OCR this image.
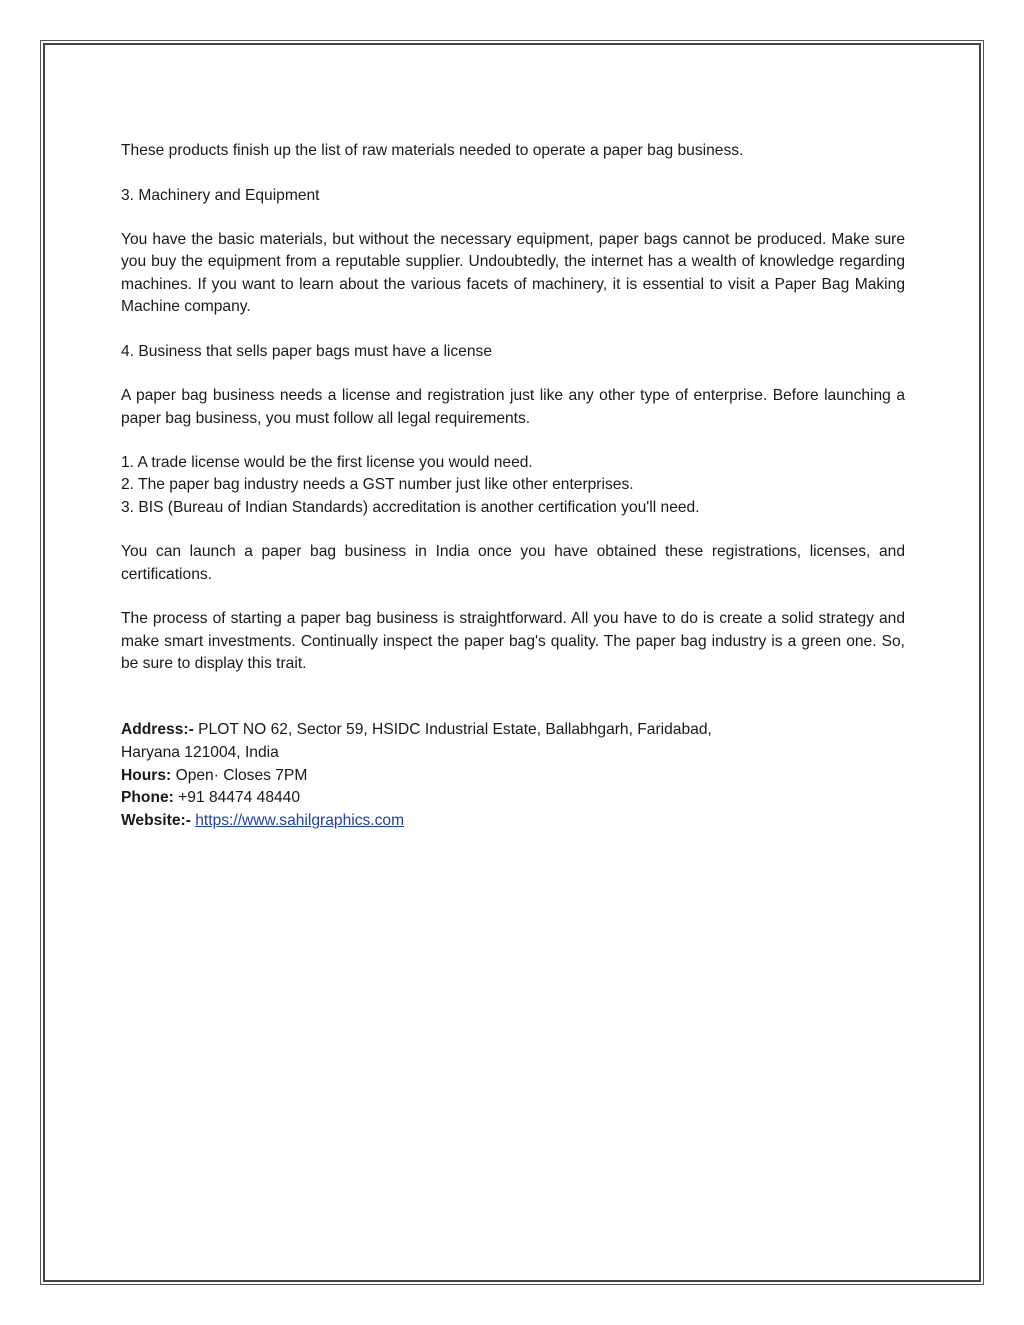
These products finish up the list of raw materials needed to operate a paper bag business.

3. Machinery and Equipment

You have the basic materials, but without the necessary equipment, paper bags cannot be produced. Make sure you buy the equipment from a reputable supplier. Undoubtedly, the internet has a wealth of knowledge regarding machines. If you want to learn about the various facets of machinery, it is essential to visit a Paper Bag Making Machine company.

4. Business that sells paper bags must have a license

A paper bag business needs a license and registration just like any other type of enterprise. Before launching a paper bag business, you must follow all legal requirements.

1. A trade license would be the first license you would need.
2. The paper bag industry needs a GST number just like other enterprises.
3. BIS (Bureau of Indian Standards) accreditation is another certification you'll need.

You can launch a paper bag business in India once you have obtained these registrations, licenses, and certifications.

The process of starting a paper bag business is straightforward. All you have to do is create a solid strategy and make smart investments. Continually inspect the paper bag's quality. The paper bag industry is a green one. So, be sure to display this trait.

Address:- PLOT NO 62, Sector 59, HSIDC Industrial Estate, Ballabhgarh, Faridabad,
Haryana 121004, India
Hours: Open· Closes 7PM
Phone: +91 84474 48440
Website:- https://www.sahilgraphics.com
